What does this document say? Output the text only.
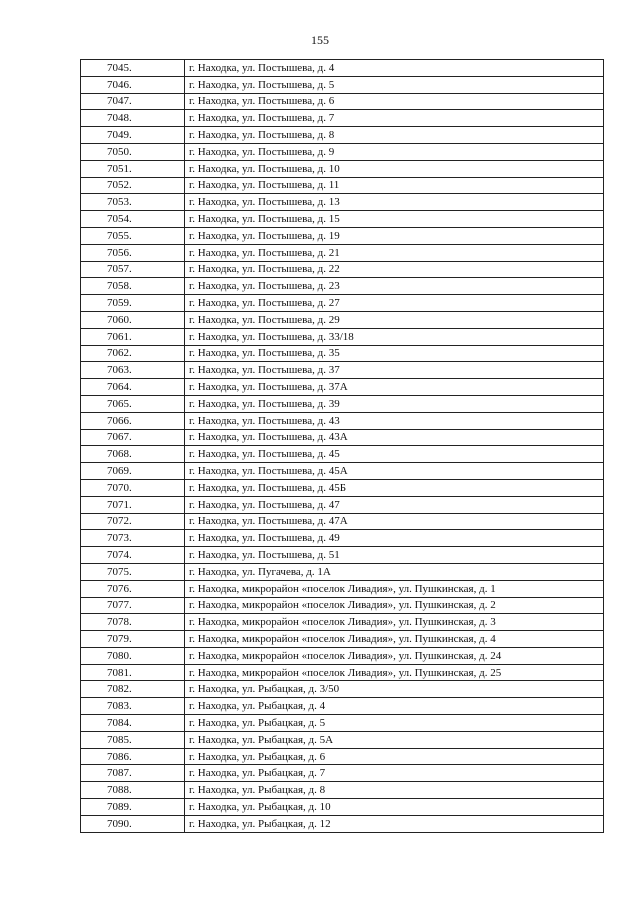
155
7045.	г. Находка, ул. Постышева, д. 4
7046.	г. Находка, ул. Постышева, д. 5
7047.	г. Находка, ул. Постышева, д. 6
7048.	г. Находка, ул. Постышева, д. 7
7049.	г. Находка, ул. Постышева, д. 8
7050.	г. Находка, ул. Постышева, д. 9
7051.	г. Находка, ул. Постышева, д. 10
7052.	г. Находка, ул. Постышева, д. 11
7053.	г. Находка, ул. Постышева, д. 13
7054.	г. Находка, ул. Постышева, д. 15
7055.	г. Находка, ул. Постышева, д. 19
7056.	г. Находка, ул. Постышева, д. 21
7057.	г. Находка, ул. Постышева, д. 22
7058.	г. Находка, ул. Постышева, д. 23
7059.	г. Находка, ул. Постышева, д. 27
7060.	г. Находка, ул. Постышева, д. 29
7061.	г. Находка, ул. Постышева, д. 33/18
7062.	г. Находка, ул. Постышева, д. 35
7063.	г. Находка, ул. Постышева, д. 37
7064.	г. Находка, ул. Постышева, д. 37А
7065.	г. Находка, ул. Постышева, д. 39
7066.	г. Находка, ул. Постышева, д. 43
7067.	г. Находка, ул. Постышева, д. 43А
7068.	г. Находка, ул. Постышева, д. 45
7069.	г. Находка, ул. Постышева, д. 45А
7070.	г. Находка, ул. Постышева, д. 45Б
7071.	г. Находка, ул. Постышева, д. 47
7072.	г. Находка, ул. Постышева, д. 47А
7073.	г. Находка, ул. Постышева, д. 49
7074.	г. Находка, ул. Постышева, д. 51
7075.	г. Находка, ул. Пугачева, д. 1А
7076.	г. Находка, микрорайон «поселок Ливадия», ул. Пушкинская, д. 1
7077.	г. Находка, микрорайон «поселок Ливадия», ул. Пушкинская, д. 2
7078.	г. Находка, микрорайон «поселок Ливадия», ул. Пушкинская, д. 3
7079.	г. Находка, микрорайон «поселок Ливадия», ул. Пушкинская, д. 4
7080.	г. Находка, микрорайон «поселок Ливадия», ул. Пушкинская, д. 24
7081.	г. Находка, микрорайон «поселок Ливадия», ул. Пушкинская, д. 25
7082.	г. Находка, ул. Рыбацкая, д. 3/50
7083.	г. Находка, ул. Рыбацкая, д. 4
7084.	г. Находка, ул. Рыбацкая, д. 5
7085.	г. Находка, ул. Рыбацкая, д. 5А
7086.	г. Находка, ул. Рыбацкая, д. 6
7087.	г. Находка, ул. Рыбацкая, д. 7
7088.	г. Находка, ул. Рыбацкая, д. 8
7089.	г. Находка, ул. Рыбацкая, д. 10
7090.	г. Находка, ул. Рыбацкая, д. 12
